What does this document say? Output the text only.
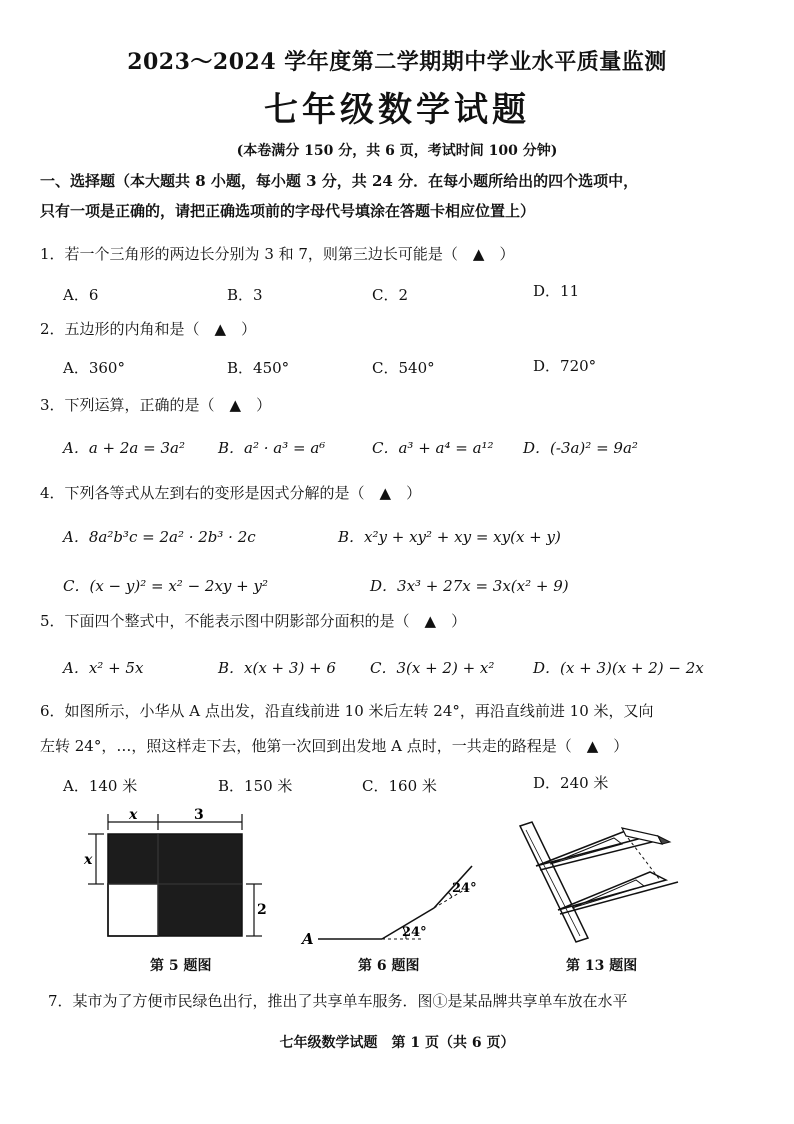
2023～2024 学年度第二学期期中学业水平质量监测
七年级数学试题
(本卷满分 150 分，共 6 页，考试时间 100 分钟)
一、选择题（本大题共 8 小题，每小题 3 分，共 24 分．在每小题所给出的四个选项中，
只有一项是正确的，请把正确选项前的字母代号填涂在答题卡相应位置上）
1．若一个三角形的两边长分别为 3 和 7，则第三边长可能是（　▲　）
A．6	B．3	C．2	D．11
2．五边形的内角和是（　▲　）
A．360°	B．450°	C．540°	D．720°
3．下列运算，正确的是（　▲　）
A．a + 2a = 3a² B．a² · a³ = a⁶	C．a³ + a⁴ = a¹² D．(-3a)² = 9a²
4．下列各等式从左到右的变形是因式分解的是（　▲　）
A．8a²b³c = 2a² · 2b³ · 2c	B．x²y + xy² + xy = xy(x + y)
C．(x − y)² = x² − 2xy + y²	D．3x³ + 27x = 3x(x² + 9)
5．下面四个整式中，不能表示图中阴影部分面积的是（　▲　）
A．x² + 5x	B．x(x + 3) + 6 C．3(x + 2) + x²	D．(x + 3)(x + 2) − 2x
6．如图所示，小华从 A 点出发，沿直线前进 10 米后左转 24°，再沿直线前进 10 米，又向
左转 24°，…，照这样走下去，他第一次回到出发地 A 点时，一共走的路程是（　▲　）
A．140 米	B．150 米	C．160 米	D．240 米
x	3
x
2
第 5 题图
A	24°
24°
第 6 题图	第 13 题图
7．某市为了方便市民绿色出行，推出了共享单车服务．图①是某品牌共享单车放在水平
七年级数学试题　第 1 页（共 6 页）
